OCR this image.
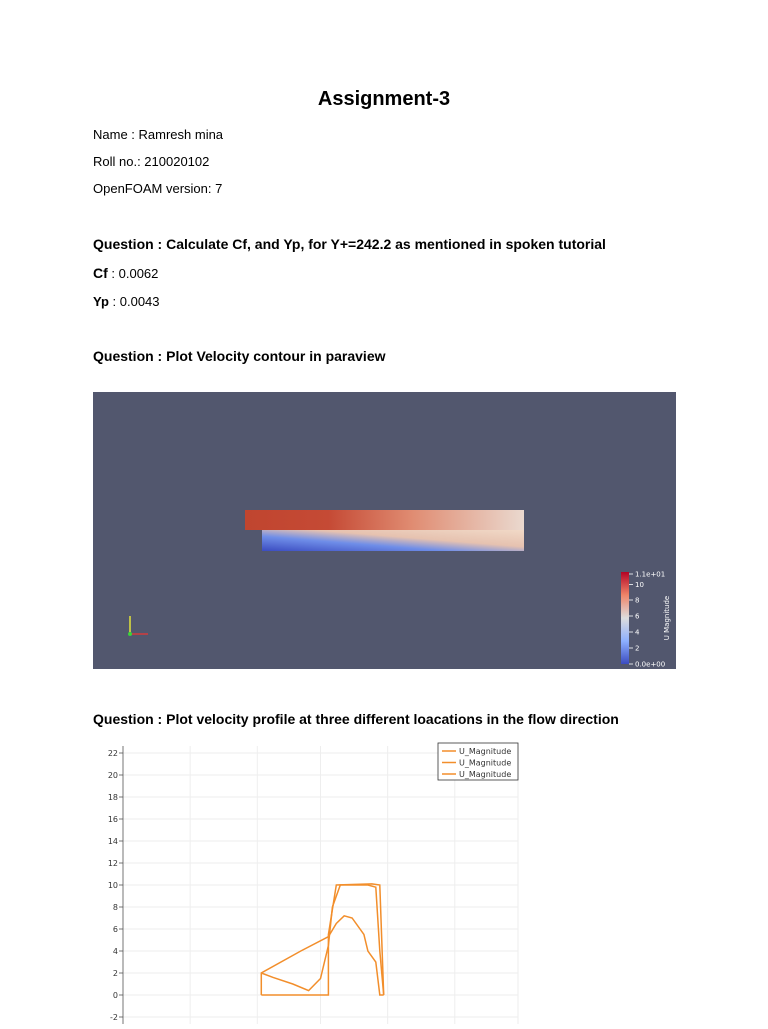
Assignment-3
Name : Ramresh mina
Roll no.: 210020102
OpenFOAM version: 7
Question : Calculate Cf, and Yp, for Y+=242.2 as mentioned in spoken tutorial
Cf : 0.0062
Yp : 0.0043
Question : Plot Velocity contour in paraview
1.1e+01
10
8
6
4
2
0.0e+00
U Magnitude
Question : Plot velocity profile at three different loacations in the flow direction
22
20
18
16
14
12
10
8
6
4
2
0
-2
U_Magnitude
U_Magnitude
U_Magnitude
